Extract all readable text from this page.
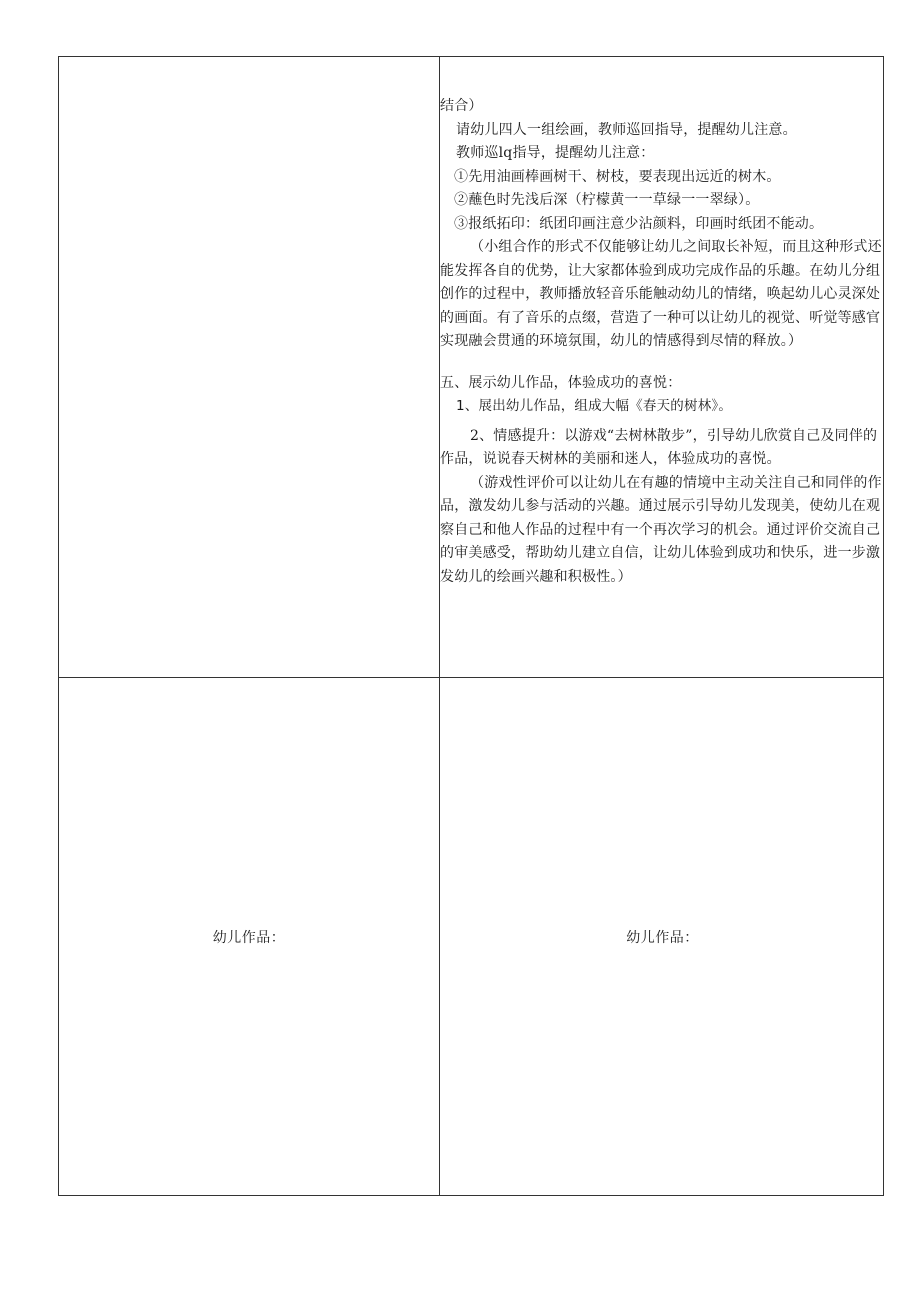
结合）

请幼儿四人一组绘画，教师巡回指导，提醒幼儿注意。

教师巡lq指导，提醒幼儿注意：

①先用油画棒画树干、树枝，要表现出远近的树木。

②蘸色时先浅后深（柠檬黄一一草绿一一翠绿）。

③报纸拓印：纸团印画注意少沾颜料，印画时纸团不能动。

（小组合作的形式不仅能够让幼儿之间取长补短，而且这种形式还能发挥各自的优势，让大家都体验到成功完成作品的乐趣。在幼儿分组创作的过程中，教师播放轻音乐能触动幼儿的情绪，唤起幼儿心灵深处的画面。有了音乐的点缀，营造了一种可以让幼儿的视觉、听觉等感官实现融会贯通的环境氛围，幼儿的情感得到尽情的释放。）

五、展示幼儿作品，体验成功的喜悦：

1、展出幼儿作品，组成大幅《春天的树林》。

2、情感提升：以游戏“去树林散步”，引导幼儿欣赏自己及同伴的作品，说说春天树林的美丽和迷人，体验成功的喜悦。

（游戏性评价可以让幼儿在有趣的情境中主动关注自己和同伴的作品，激发幼儿参与活动的兴趣。通过展示引导幼儿发现美，使幼儿在观察自己和他人作品的过程中有一个再次学习的机会。通过评价交流自己的审美感受，帮助幼儿建立自信，让幼儿体验到成功和快乐，进一步激发幼儿的绘画兴趣和积极性。）

幼儿作品：	幼儿作品：
